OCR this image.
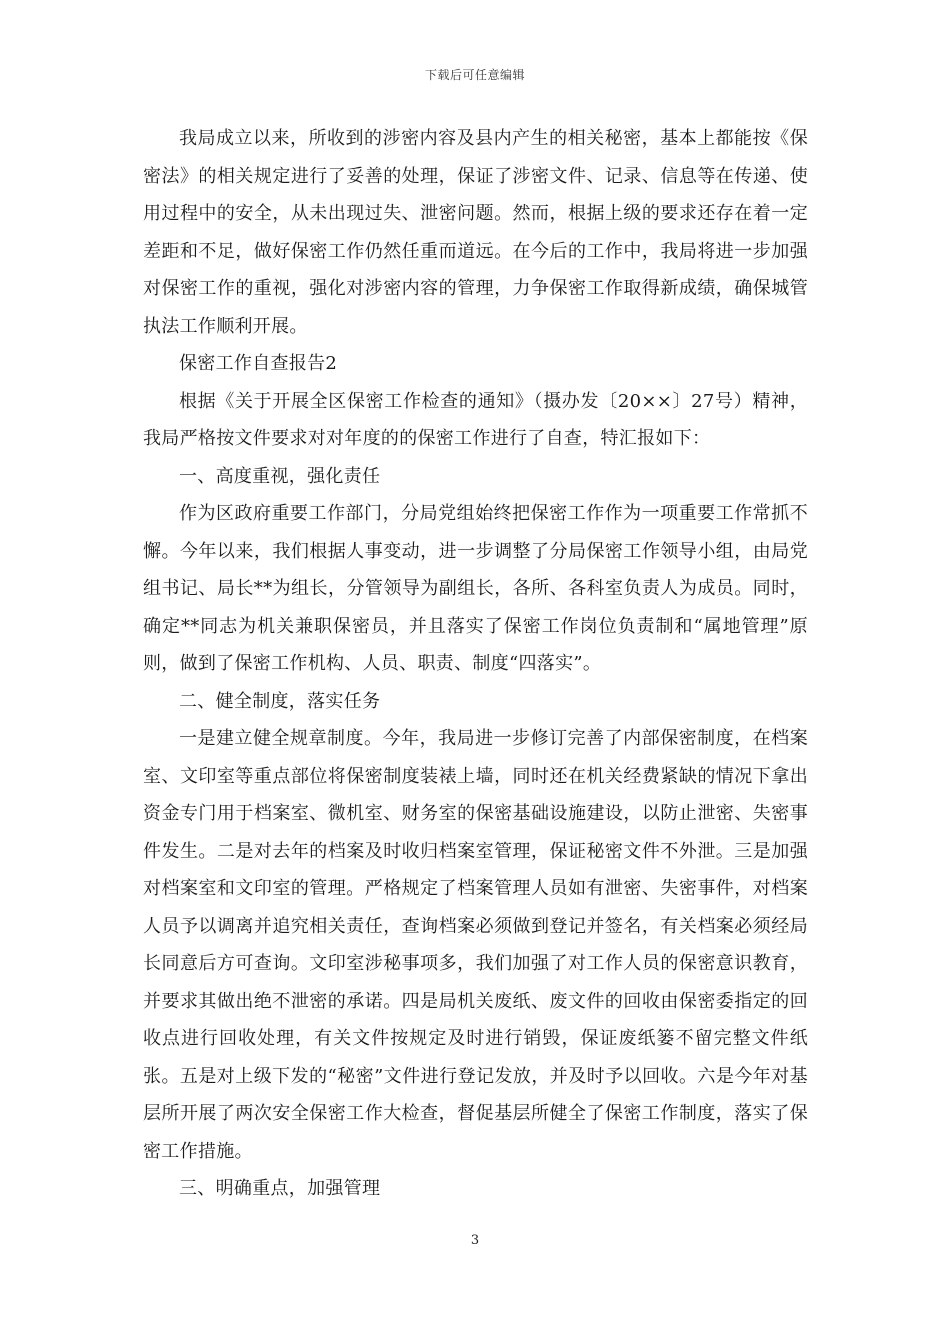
下载后可任意编辑

我局成立以来，所收到的涉密内容及县内产生的相关秘密，基本上都能按《保密法》的相关规定进行了妥善的处理，保证了涉密文件、记录、信息等在传递、使用过程中的安全，从未出现过失、泄密问题。然而，根据上级的要求还存在着一定差距和不足，做好保密工作仍然任重而道远。在今后的工作中，我局将进一步加强对保密工作的重视，强化对涉密内容的管理，力争保密工作取得新成绩，确保城管执法工作顺利开展。

保密工作自查报告2

根据《关于开展全区保密工作检查的通知》（摄办发〔20××〕27号）精神，我局严格按文件要求对对年度的的保密工作进行了自查，特汇报如下：

一、高度重视，强化责任

作为区政府重要工作部门，分局党组始终把保密工作作为一项重要工作常抓不懈。今年以来，我们根据人事变动，进一步调整了分局保密工作领导小组，由局党组书记、局长**为组长，分管领导为副组长，各所、各科室负责人为成员。同时，确定**同志为机关兼职保密员，并且落实了保密工作岗位负责制和“属地管理”原则，做到了保密工作机构、人员、职责、制度“四落实”。

二、健全制度，落实任务

一是建立健全规章制度。今年，我局进一步修订完善了内部保密制度，在档案室、文印室等重点部位将保密制度装裱上墙，同时还在机关经费紧缺的情况下拿出资金专门用于档案室、微机室、财务室的保密基础设施建设，以防止泄密、失密事件发生。二是对去年的档案及时收归档案室管理，保证秘密文件不外泄。三是加强对档案室和文印室的管理。严格规定了档案管理人员如有泄密、失密事件，对档案人员予以调离并追究相关责任，查询档案必须做到登记并签名，有关档案必须经局长同意后方可查询。文印室涉秘事项多，我们加强了对工作人员的保密意识教育，并要求其做出绝不泄密的承诺。四是局机关废纸、废文件的回收由保密委指定的回收点进行回收处理，有关文件按规定及时进行销毁，保证废纸篓不留完整文件纸张。五是对上级下发的“秘密”文件进行登记发放，并及时予以回收。六是今年对基层所开展了两次安全保密工作大检查，督促基层所健全了保密工作制度，落实了保密工作措施。

三、明确重点，加强管理

3
